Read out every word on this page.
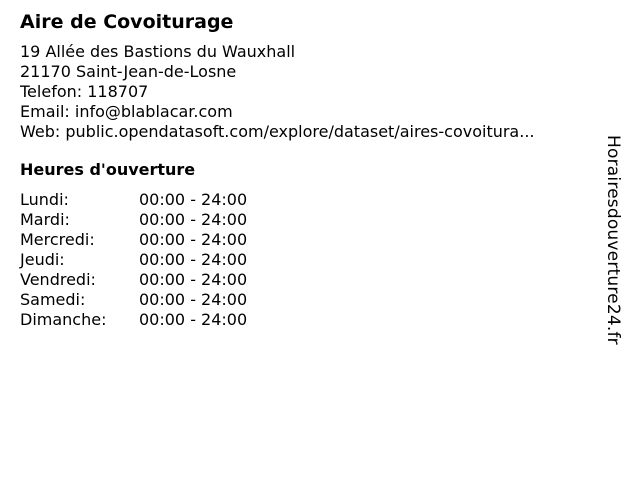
Aire de Covoiturage
19 Allée des Bastions du Wauxhall
21170 Saint-Jean-de-Losne
Telefon: 118707
Email: info@blablacar.com
Web: public.opendatasoft.com/explore/dataset/aires-covoitura...
Heures d'ouverture
Lundi:	00:00 - 24:00
Mardi:	00:00 - 24:00
Mercredi:	00:00 - 24:00
Jeudi:	00:00 - 24:00
Vendredi:	00:00 - 24:00
Samedi:	00:00 - 24:00
Dimanche:	00:00 - 24:00	Horairesdouverture24.fr
